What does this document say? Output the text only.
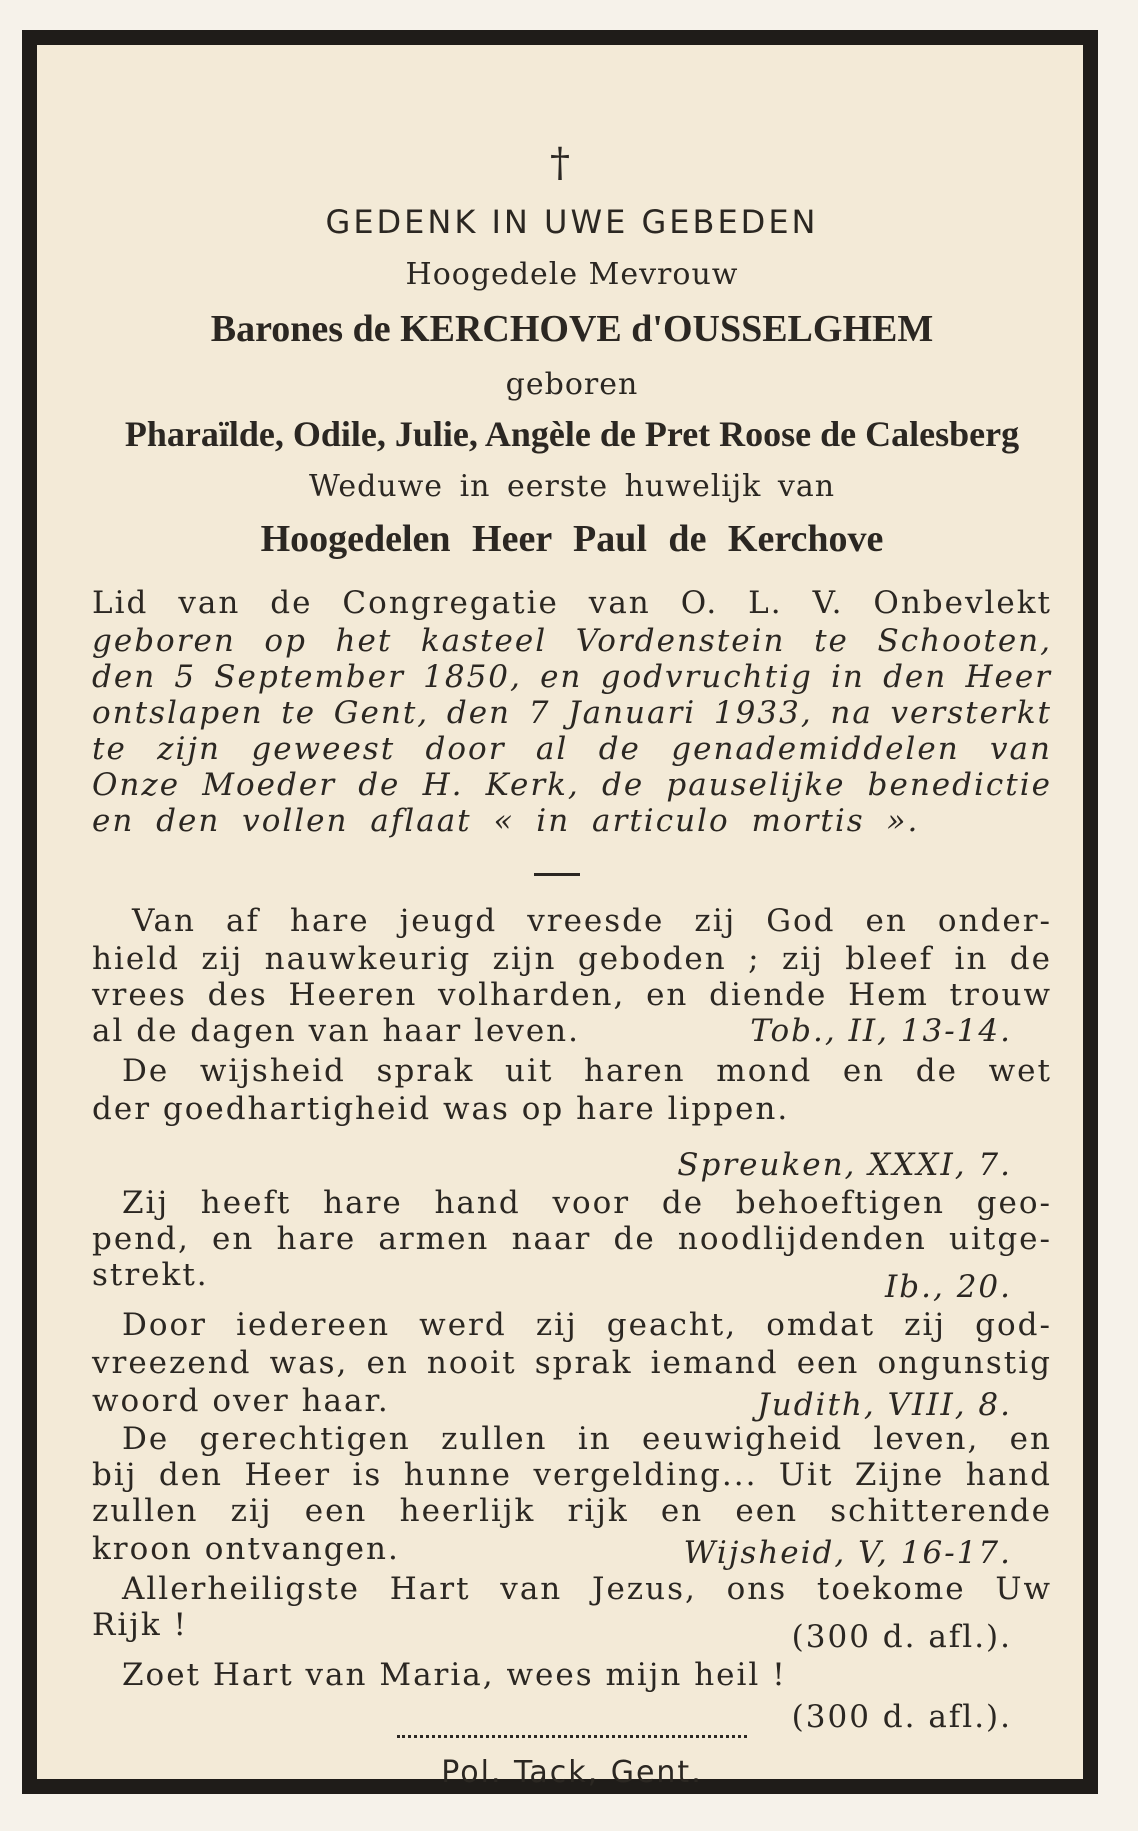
†
GEDENK IN UWE GEBEDEN
Hoogedele Mevrouw
Barones de KERCHOVE d'OUSSELGHEM
geboren
Pharaïlde, Odile, Julie, Angèle de Pret Roose de Calesberg
Weduwe in eerste huwelijk van
Hoogedelen Heer Paul de Kerchove
Lid van de Congregatie van O. L. V. Onbevlekt
geboren op het kasteel Vordenstein te Schooten,
den 5 September 1850, en godvruchtig in den Heer
ontslapen te Gent, den 7 Januari 1933, na versterkt
te zijn geweest door al de genademiddelen van
Onze Moeder de H. Kerk, de pauselijke benedictie
en den vollen aflaat « in articulo mortis ».
Van af hare jeugd vreesde zij God en onder-
hield zij nauwkeurig zijn geboden ; zij bleef in de
vrees des Heeren volharden, en diende Hem trouw
al de dagen van haar leven.	Tob., II, 13-14.
De wijsheid sprak uit haren mond en de wet
der goedhartigheid was op hare lippen.
Spreuken, XXXI, 7.
Zij heeft hare hand voor de behoeftigen geo-
pend, en hare armen naar de noodlijdenden uitge-
strekt.	Ib., 20.
Door iedereen werd zij geacht, omdat zij god-
vreezend was, en nooit sprak iemand een ongunstig
woord over haar.	Judith, VIII, 8.
De gerechtigen zullen in eeuwigheid leven, en
bij den Heer is hunne vergelding... Uit Zijne hand
zullen zij een heerlijk rijk en een schitterende
kroon ontvangen.	Wijsheid, V, 16-17.
Allerheiligste Hart van Jezus, ons toekome Uw
Rijk !	(300 d. afl.).
Zoet Hart van Maria, wees mijn heil !
(300 d. afl.).
Pol. Tack, Gent.
